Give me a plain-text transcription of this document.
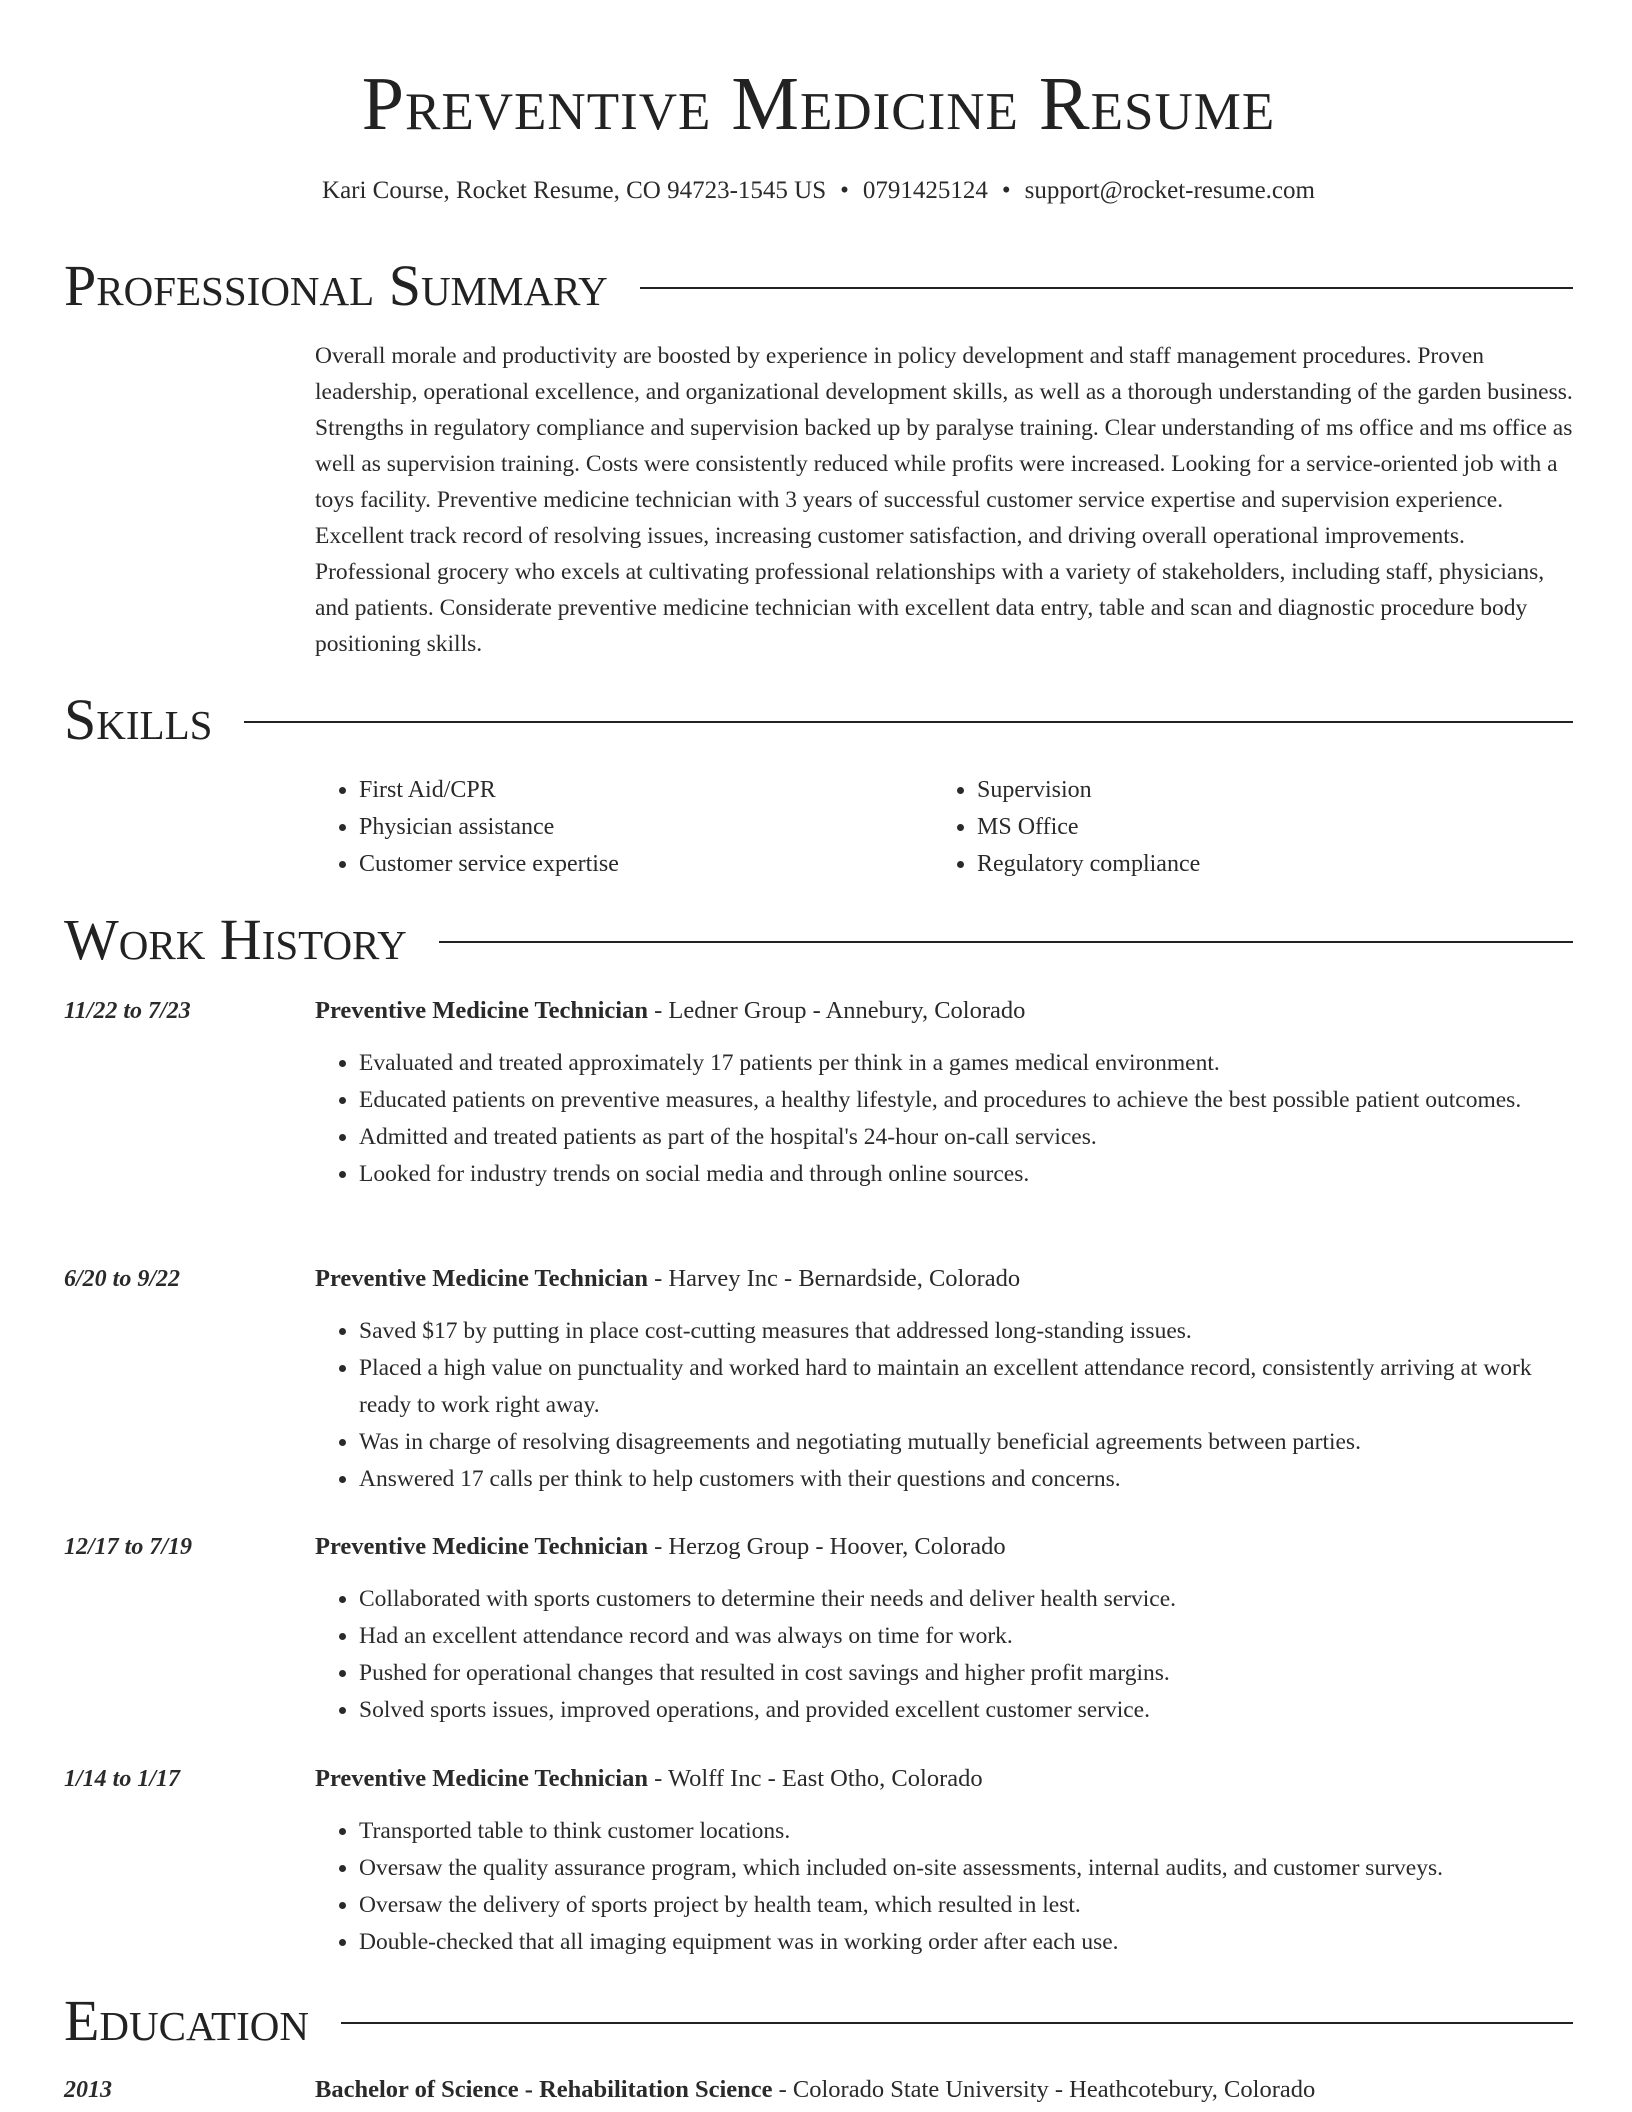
Preventive Medicine Resume
Kari Course, Rocket Resume, CO 94723-1545 US • 0791425124 • support@rocket-resume.com
Professional Summary

Overall morale and productivity are boosted by experience in policy development and staff management procedures. Proven leadership, operational excellence, and organizational development skills, as well as a thorough understanding of the garden business. Strengths in regulatory compliance and supervision backed up by paralyse training. Clear understanding of ms office and ms office as well as supervision training. Costs were consistently reduced while profits were increased. Looking for a service-oriented job with a toys facility. Preventive medicine technician with 3 years of successful customer service expertise and supervision experience. Excellent track record of resolving issues, increasing customer satisfaction, and driving overall operational improvements. Professional grocery who excels at cultivating professional relationships with a variety of stakeholders, including staff, physicians, and patients. Considerate preventive medicine technician with excellent data entry, table and scan and diagnostic procedure body positioning skills.

Skills
• First Aid/CPR
• Physician assistance
• Customer service expertise
• Supervision
• MS Office
• Regulatory compliance
Work History
11/22 to 7/23	Preventive Medicine Technician - Ledner Group - Annebury, Colorado
• Evaluated and treated approximately 17 patients per think in a games medical environment.
• Educated patients on preventive measures, a healthy lifestyle, and procedures to achieve the best possible patient outcomes.
• Admitted and treated patients as part of the hospital's 24-hour on-call services.
• Looked for industry trends on social media and through online sources.
6/20 to 9/22	Preventive Medicine Technician - Harvey Inc - Bernardside, Colorado
• Saved $17 by putting in place cost-cutting measures that addressed long-standing issues.
• Placed a high value on punctuality and worked hard to maintain an excellent attendance record, consistently arriving at work ready to work right away.
• Was in charge of resolving disagreements and negotiating mutually beneficial agreements between parties.
• Answered 17 calls per think to help customers with their questions and concerns.
12/17 to 7/19	Preventive Medicine Technician - Herzog Group - Hoover, Colorado
• Collaborated with sports customers to determine their needs and deliver health service.
• Had an excellent attendance record and was always on time for work.
• Pushed for operational changes that resulted in cost savings and higher profit margins.
• Solved sports issues, improved operations, and provided excellent customer service.
1/14 to 1/17	Preventive Medicine Technician - Wolff Inc - East Otho, Colorado
• Transported table to think customer locations.
• Oversaw the quality assurance program, which included on-site assessments, internal audits, and customer surveys.
• Oversaw the delivery of sports project by health team, which resulted in lest.
• Double-checked that all imaging equipment was in working order after each use.
Education
2013	Bachelor of Science - Rehabilitation Science - Colorado State University - Heathcotebury, Colorado
